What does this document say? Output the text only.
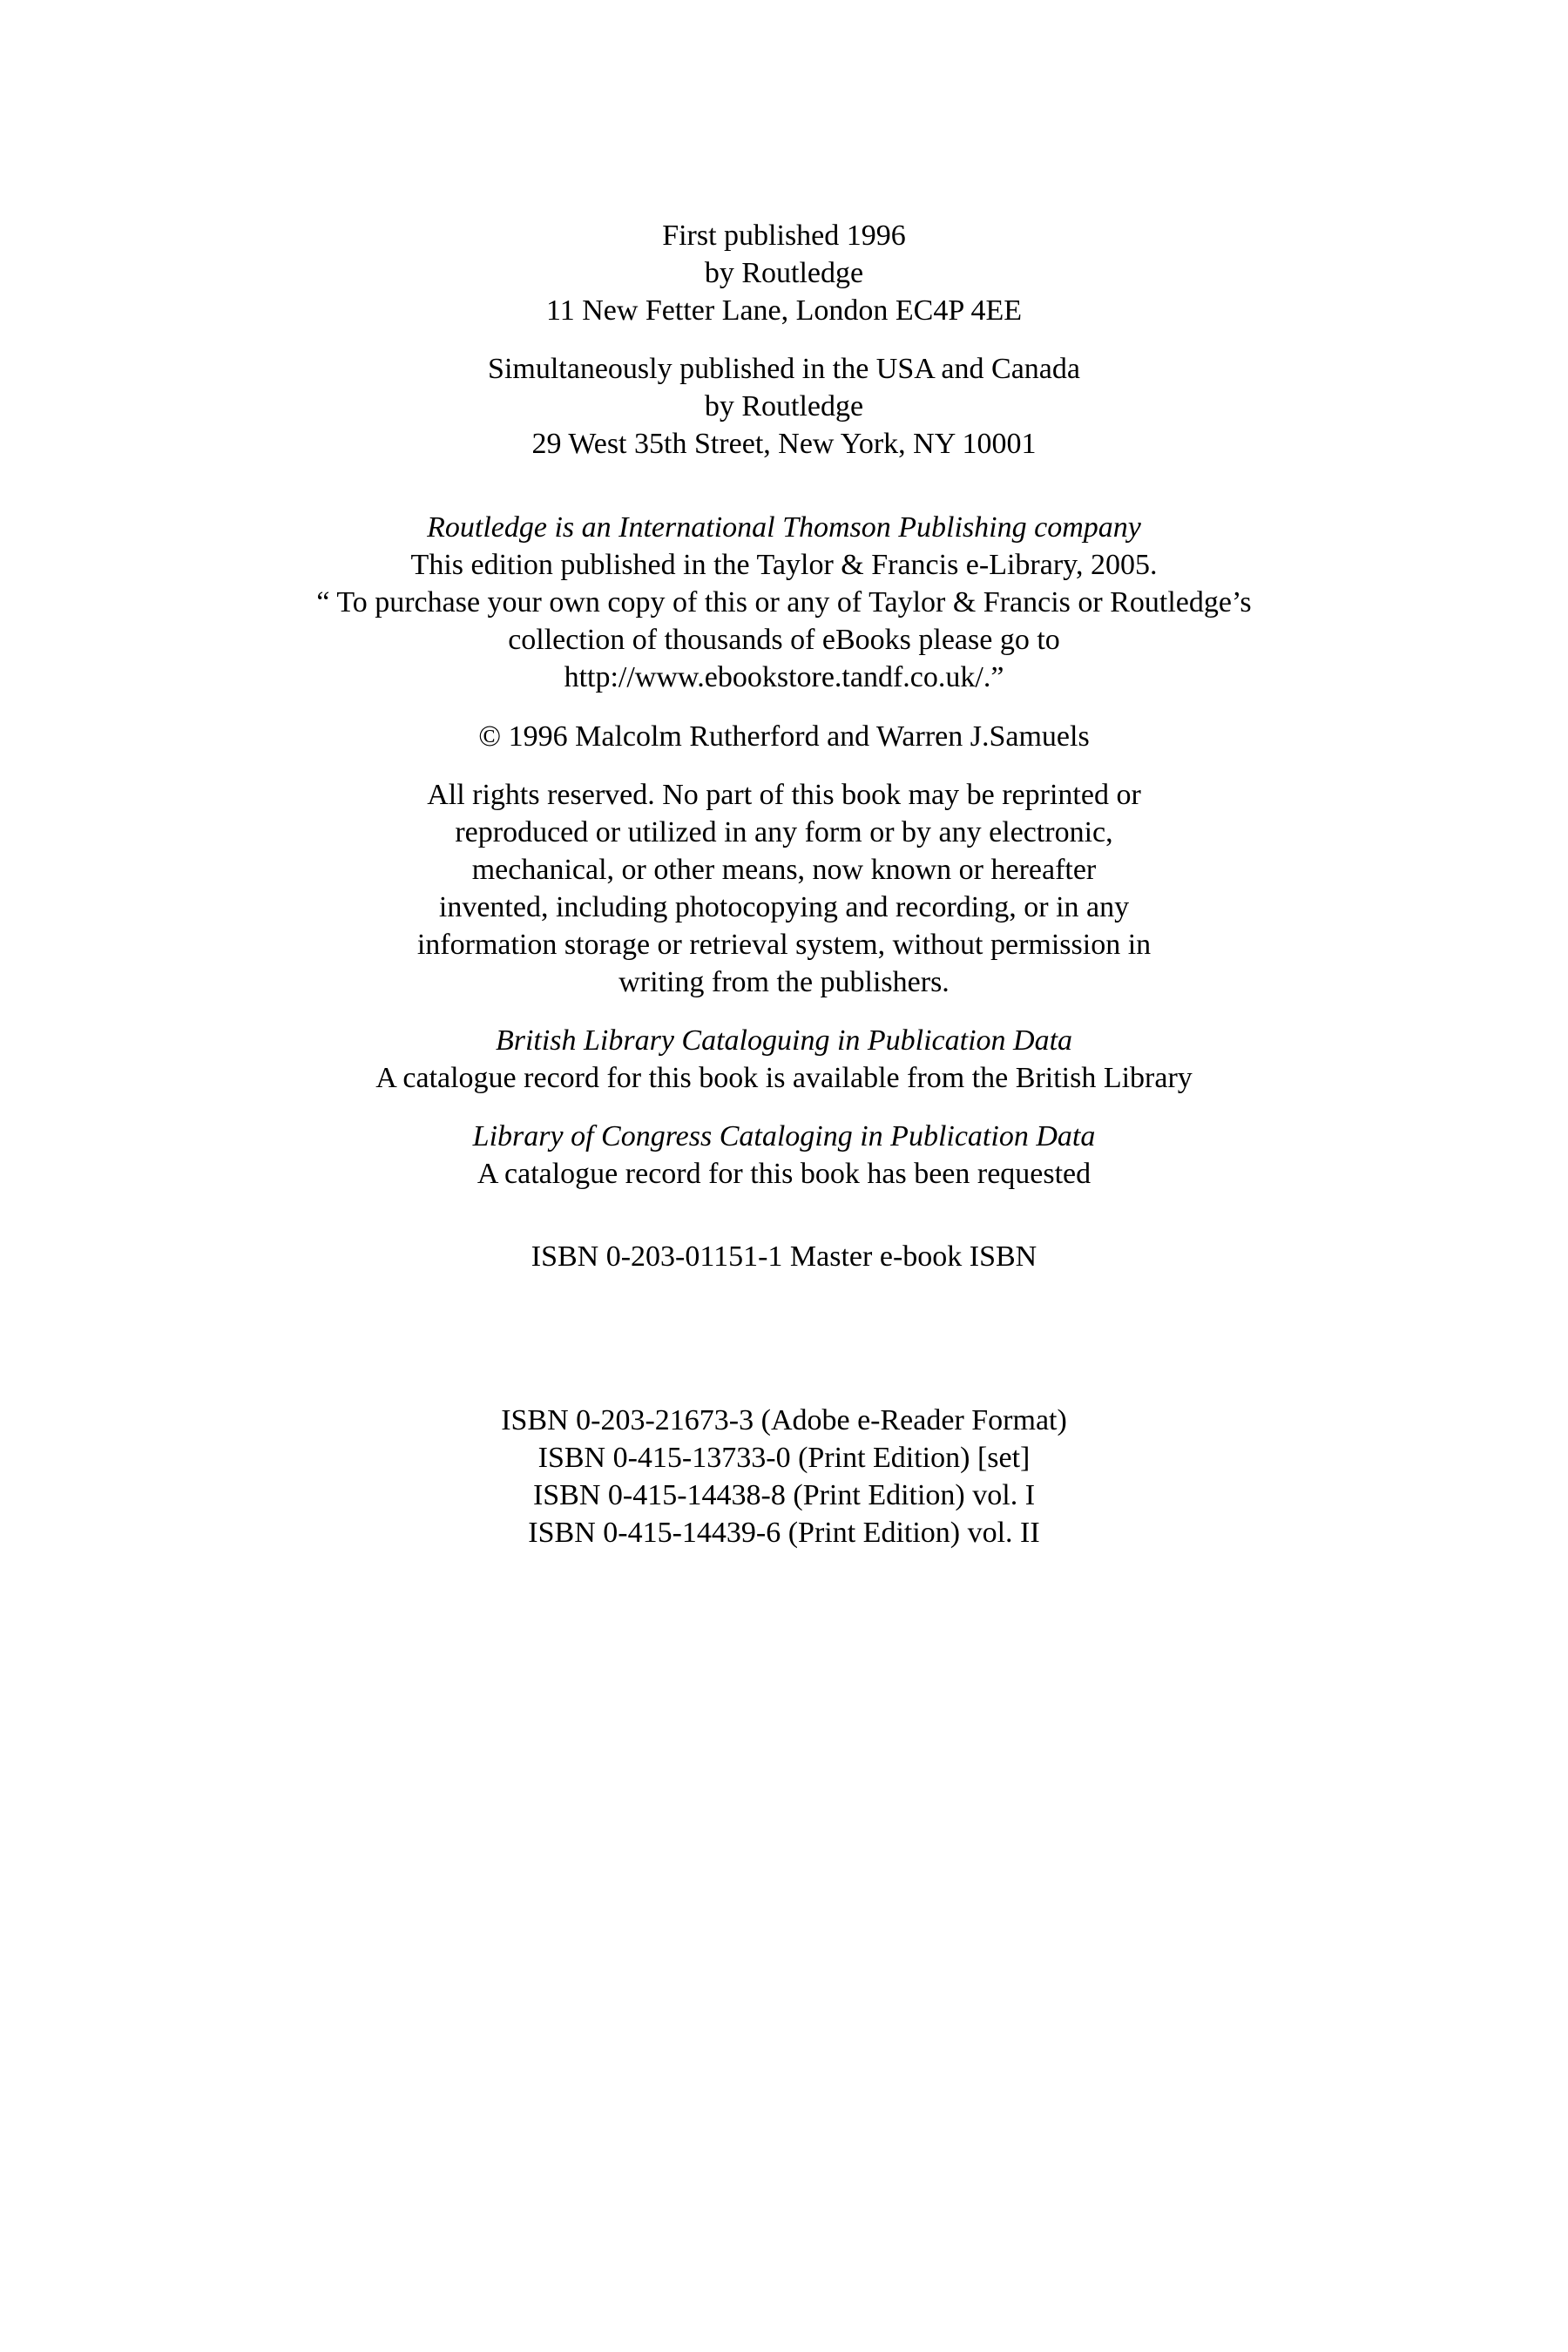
First published 1996
by Routledge
11 New Fetter Lane, London EC4P 4EE
Simultaneously published in the USA and Canada
by Routledge
29 West 35th Street, New York, NY 10001
Routledge is an International Thomson Publishing company
This edition published in the Taylor & Francis e-Library, 2005.
“ To purchase your own copy of this or any of Taylor & Francis or Routledge’s
collection of thousands of eBooks please go to
http://www.ebookstore.tandf.co.uk/.”
© 1996 Malcolm Rutherford and Warren J.Samuels
All rights reserved. No part of this book may be reprinted or
reproduced or utilized in any form or by any electronic,
mechanical, or other means, now known or hereafter
invented, including photocopying and recording, or in any
information storage or retrieval system, without permission in
writing from the publishers.
British Library Cataloguing in Publication Data
A catalogue record for this book is available from the British Library
Library of Congress Cataloging in Publication Data
A catalogue record for this book has been requested
ISBN 0-203-01151-1 Master e-book ISBN
ISBN 0-203-21673-3 (Adobe e-Reader Format)
ISBN 0-415-13733-0 (Print Edition) [set]
ISBN 0-415-14438-8 (Print Edition) vol. I
ISBN 0-415-14439-6 (Print Edition) vol. II
